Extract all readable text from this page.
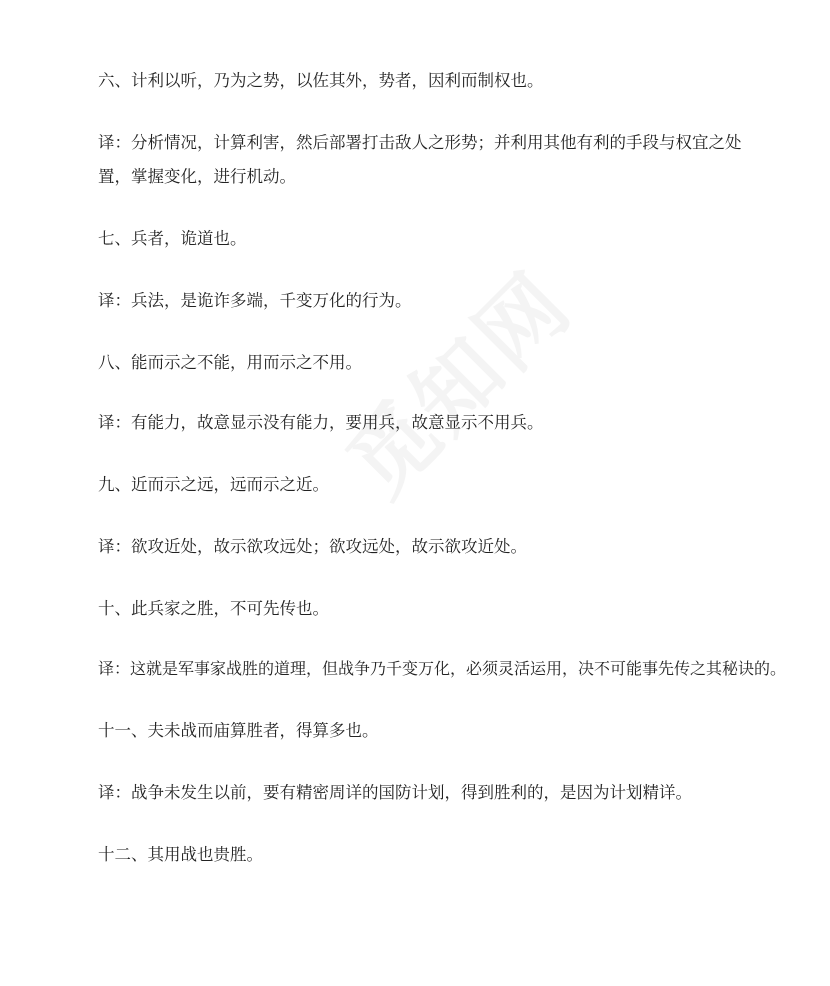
六、计利以听，乃为之势，以佐其外，势者，因利而制权也。

译：分析情况，计算利害，然后部署打击敌人之形势；并利用其他有利的手段与权宜之处置，掌握变化，进行机动。

七、兵者，诡道也。

译：兵法，是诡诈多端，千变万化的行为。

八、能而示之不能，用而示之不用。

译：有能力，故意显示没有能力，要用兵，故意显示不用兵。

九、近而示之远，远而示之近。

译：欲攻近处，故示欲攻远处；欲攻远处，故示欲攻近处。

十、此兵家之胜，不可先传也。

译：这就是军事家战胜的道理，但战争乃千变万化，必须灵活运用，决不可能事先传之其秘诀的。

十一、夫未战而庙算胜者，得算多也。

译：战争未发生以前，要有精密周详的国防计划，得到胜利的，是因为计划精详。

十二、其用战也贵胜。
